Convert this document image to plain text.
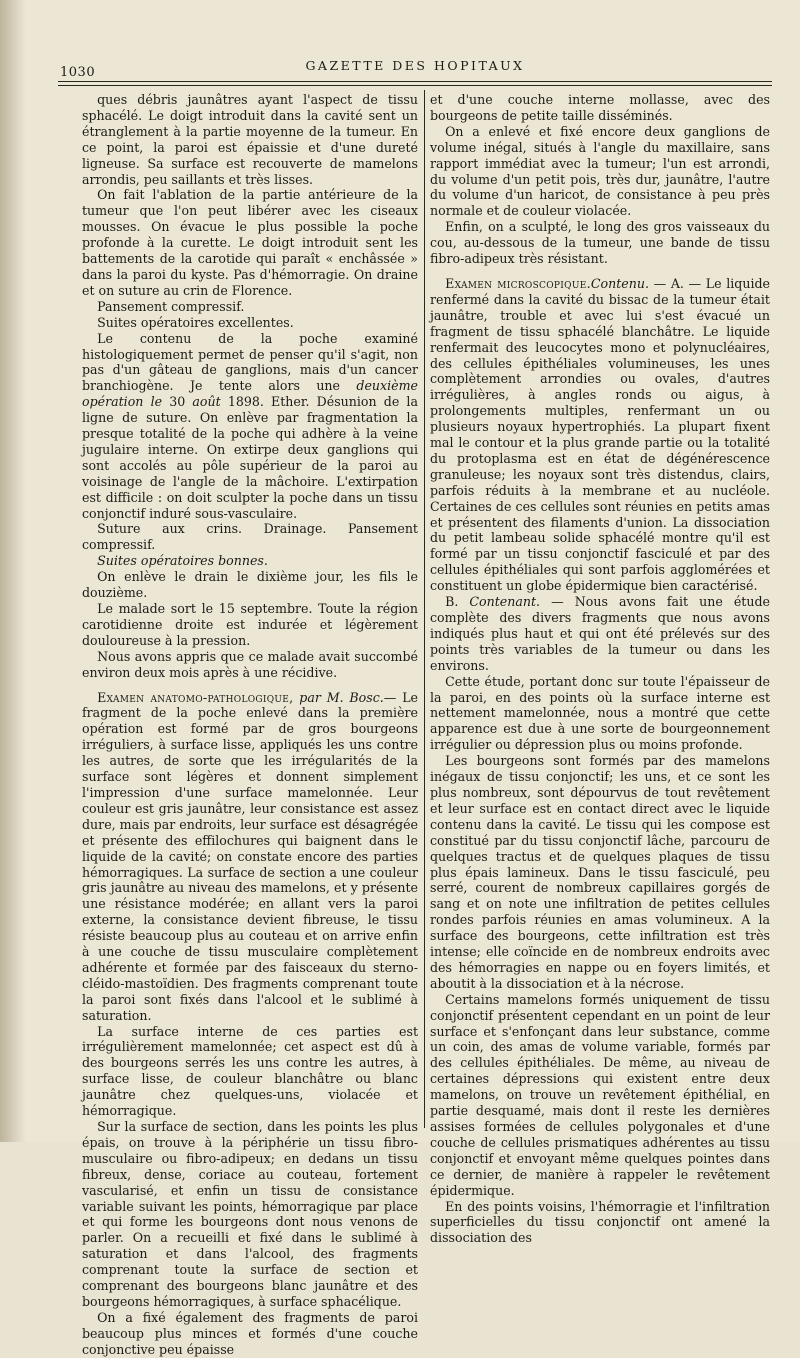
1030	GAZETTE DES HOPITAUX

ques débris jaunâtres ayant l'aspect de tissu sphacélé. Le doigt introduit dans la cavité sent un étranglement à la partie moyenne de la tumeur. En ce point, la paroi est épaissie et d'une dureté ligneuse. Sa surface est recouverte de mamelons arrondis, peu saillants et très lisses.

On fait l'ablation de la partie antérieure de la tumeur que l'on peut libérer avec les ciseaux mousses. On évacue le plus possible la poche profonde à la curette. Le doigt introduit sent les battements de la carotide qui paraît « enchâssée » dans la paroi du kyste. Pas d'hémorragie. On draine et on suture au crin de Florence.

Pansement compressif.

Suites opératoires excellentes.

Le contenu de la poche examiné histologiquement permet de penser qu'il s'agit, non pas d'un gâteau de ganglions, mais d'un cancer branchiogène. Je tente alors une deuxième opération le 30 août 1898. Ether. Désunion de la ligne de suture. On enlève par fragmentation la presque totalité de la poche qui adhère à la veine jugulaire interne. On extirpe deux ganglions qui sont accolés au pôle supérieur de la paroi au voisinage de l'angle de la mâchoire. L'extirpation est difficile : on doit sculpter la poche dans un tissu conjonctif induré sous-vasculaire.

Suture aux crins. Drainage. Pansement compressif.

Suites opératoires bonnes.

On enlève le drain le dixième jour, les fils le douzième.

Le malade sort le 15 septembre. Toute la région carotidienne droite est indurée et légèrement douloureuse à la pression.

Nous avons appris que ce malade avait succombé environ deux mois après à une récidive.

Examen anatomo-pathologique, par M. Bosc.— Le fragment de la poche enlevé dans la première opération est formé par de gros bourgeons irréguliers, à surface lisse, appliqués les uns contre les autres, de sorte que les irrégularités de la surface sont légères et donnent simplement l'impression d'une surface mamelonnée. Leur couleur est gris jaunâtre, leur consistance est assez dure, mais par endroits, leur surface est désagrégée et présente des effilochures qui baignent dans le liquide de la cavité; on constate encore des parties hémorragiques. La surface de section a une couleur gris jaunâtre au niveau des mamelons, et y présente une résistance modérée; en allant vers la paroi externe, la consistance devient fibreuse, le tissu résiste beaucoup plus au couteau et on arrive enfin à une couche de tissu musculaire complètement adhérente et formée par des faisceaux du sterno-cléido-mastoïdien. Des fragments comprenant toute la paroi sont fixés dans l'alcool et le sublimé à saturation.

La surface interne de ces parties est irrégulièrement mamelonnée; cet aspect est dû à des bourgeons serrés les uns contre les autres, à surface lisse, de couleur blanchâtre ou blanc jaunâtre chez quelques-uns, violacée et hémorragique.

Sur la surface de section, dans les points les plus épais, on trouve à la périphérie un tissu fibro-musculaire ou fibro-adipeux; en dedans un tissu fibreux, dense, coriace au couteau, fortement vascularisé, et enfin un tissu de consistance variable suivant les points, hémorragique par place et qui forme les bourgeons dont nous venons de parler. On a recueilli et fixé dans le sublimé à saturation et dans l'alcool, des fragments comprenant toute la surface de section et comprenant des bourgeons blanc jaunâtre et des bourgeons hémorragiques, à surface sphacélique.

On a fixé également des fragments de paroi beaucoup plus minces et formés d'une couche conjonctive peu épaisse

et d'une couche interne mollasse, avec des bourgeons de petite taille disséminés.

On a enlevé et fixé encore deux ganglions de volume inégal, situés à l'angle du maxillaire, sans rapport immédiat avec la tumeur; l'un est arrondi, du volume d'un petit pois, très dur, jaunâtre, l'autre du volume d'un haricot, de consistance à peu près normale et de couleur violacée.

Enfin, on a sculpté, le long des gros vaisseaux du cou, au-dessous de la tumeur, une bande de tissu fibro-adipeux très résistant.

Examen microscopique.Contenu. — A. — Le liquide renfermé dans la cavité du bissac de la tumeur était jaunâtre, trouble et avec lui s'est évacué un fragment de tissu sphacélé blanchâtre. Le liquide renfermait des leucocytes mono et polynucléaires, des cellules épithéliales volumineuses, les unes complètement arrondies ou ovales, d'autres irrégulières, à angles ronds ou aigus, à prolongements multiples, renfermant un ou plusieurs noyaux hypertrophiés. La plupart fixent mal le contour et la plus grande partie ou la totalité du protoplasma est en état de dégénérescence granuleuse; les noyaux sont très distendus, clairs, parfois réduits à la membrane et au nucléole. Certaines de ces cellules sont réunies en petits amas et présentent des filaments d'union. La dissociation du petit lambeau solide sphacélé montre qu'il est formé par un tissu conjonctif fasciculé et par des cellules épithéliales qui sont parfois agglomérées et constituent un globe épidermique bien caractérisé.

B. Contenant. — Nous avons fait une étude complète des divers fragments que nous avons indiqués plus haut et qui ont été prélevés sur des points très variables de la tumeur ou dans les environs.

Cette étude, portant donc sur toute l'épaisseur de la paroi, en des points où la surface interne est nettement mamelonnée, nous a montré que cette apparence est due à une sorte de bourgeonnement irrégulier ou dépression plus ou moins profonde.

Les bourgeons sont formés par des mamelons inégaux de tissu conjonctif; les uns, et ce sont les plus nombreux, sont dépourvus de tout revêtement et leur surface est en contact direct avec le liquide contenu dans la cavité. Le tissu qui les compose est constitué par du tissu conjonctif lâche, parcouru de quelques tractus et de quelques plaques de tissu plus épais lamineux. Dans le tissu fasciculé, peu serré, courent de nombreux capillaires gorgés de sang et on note une infiltration de petites cellules rondes parfois réunies en amas volumineux. A la surface des bourgeons, cette infiltration est très intense; elle coïncide en de nombreux endroits avec des hémorragies en nappe ou en foyers limités, et aboutit à la dissociation et à la nécrose.

Certains mamelons formés uniquement de tissu conjonctif présentent cependant en un point de leur surface et s'enfonçant dans leur substance, comme un coin, des amas de volume variable, formés par des cellules épithéliales. De même, au niveau de certaines dépressions qui existent entre deux mamelons, on trouve un revêtement épithélial, en partie desquamé, mais dont il reste les dernières assises formées de cellules polygonales et d'une couche de cellules prismatiques adhérentes au tissu conjonctif et envoyant même quelques pointes dans ce dernier, de manière à rappeler le revêtement épidermique.

En des points voisins, l'hémorragie et l'infiltration superficielles du tissu conjonctif ont amené la dissociation des
